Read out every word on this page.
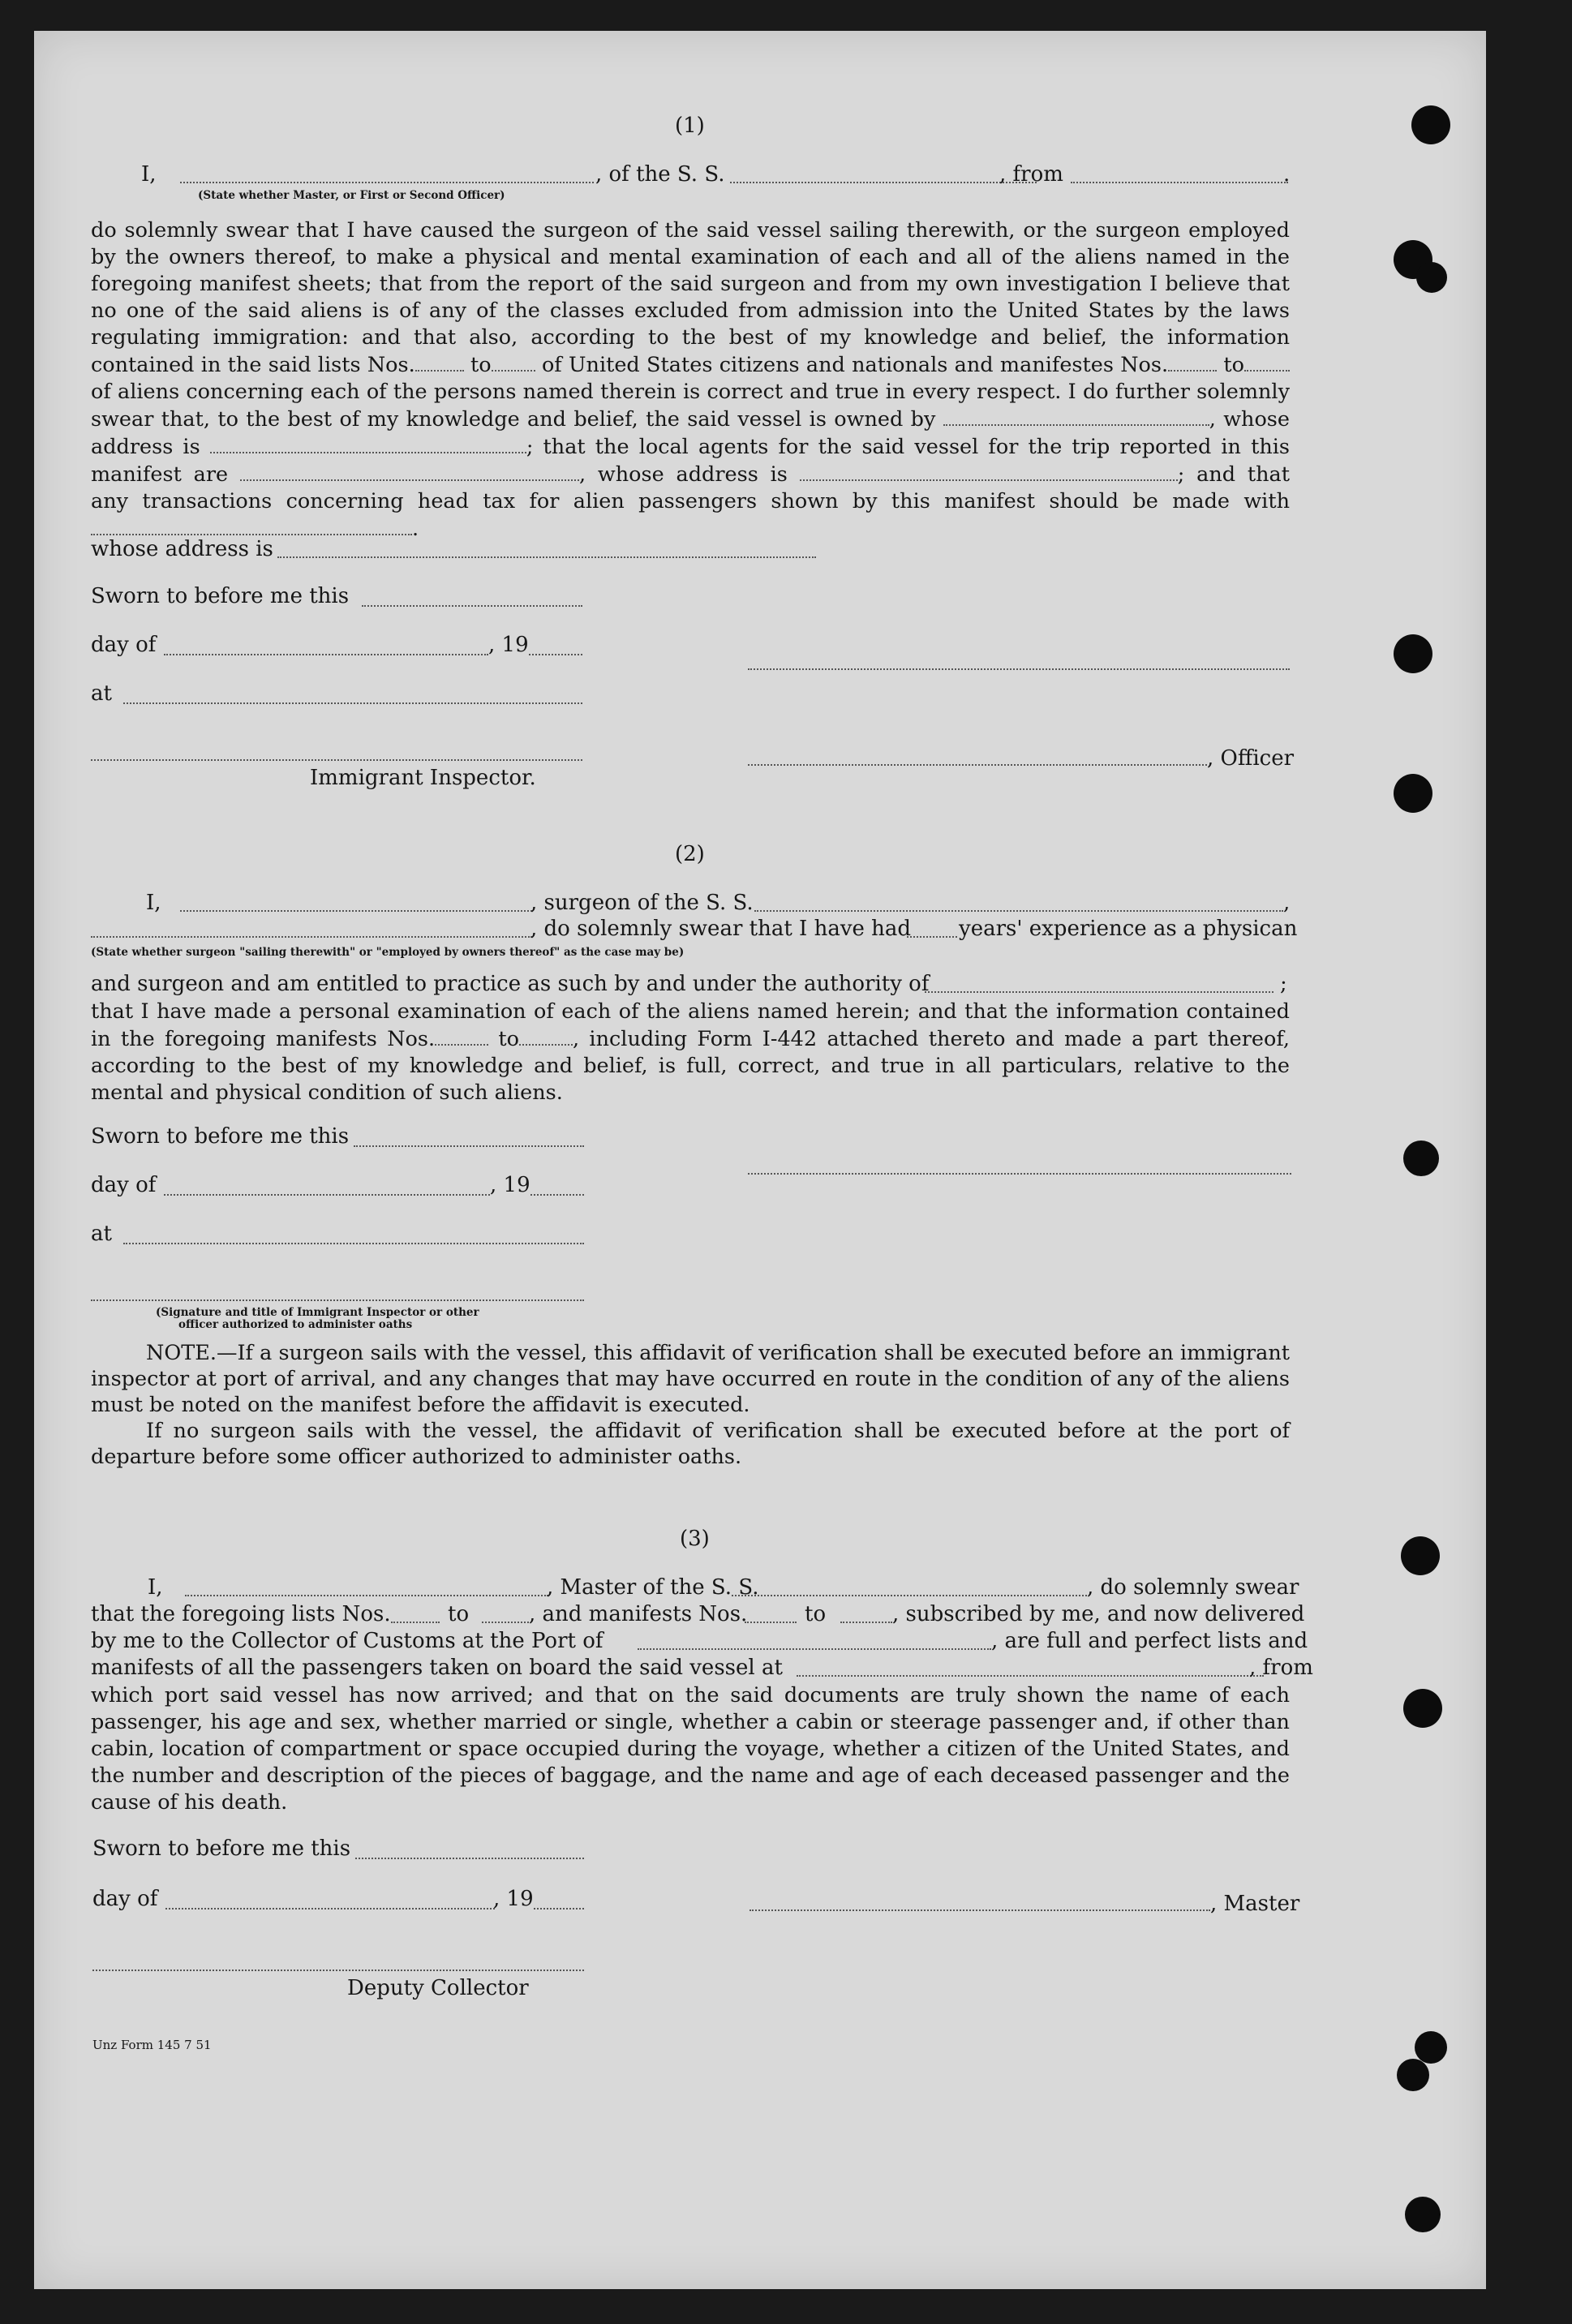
(1)
I,	, of the S. S.	, from	.
(State whether Master, or First or Second Officer)

do solemnly swear that I have caused the surgeon of the said vessel sailing therewith, or the surgeon employed by the owners thereof, to make a physical and mental examination of each and all of the aliens named in the foregoing manifest sheets; that from the report of the said surgeon and from my own investigation I believe that no one of the said aliens is of any of the classes excluded from admission into the United States by the laws regulating immigration: and that also, according to the best of my knowledge and belief, the information contained in the said lists Nos.	to of United States citizens and nationals and manifestes Nos.	to of aliens concerning each of the persons named therein is correct and true in every respect. I do further solemnly swear that, to the best of my knowledge and belief, the said vessel is owned by	, whose address is	; that the local agents for the said vessel for the trip reported in this manifest are	, whose address is	; and that any transactions concerning head tax for alien passengers shown by this manifest should be made with.

whose address is
Sworn to before me this
day of	, 19
at
, Officer
Immigrant Inspector.
(2)
I,	, surgeon of the S. S.	,
, do solemnly swear that I have had years' experience as a physican
(State whether surgeon "sailing therewith" or "employed by owners thereof" as the case may be)
and surgeon and am entitled to practice as such by and under the authority of	;

that I have made a personal examination of each of the aliens named herein; and that the information contained in the foregoing manifests Nos.	to	, including Form I-442 attached thereto and made a part thereof, according to the best of my knowledge and belief, is full, correct, and true in all particulars, relative to the mental and physical condition of such aliens.

Sworn to before me this
day of	, 19
at
(Signature and title of Immigrant Inspector or other
officer authorized to administer oaths

NOTE.—If a surgeon sails with the vessel, this affidavit of verification shall be executed before an immigrant inspector at port of arrival, and any changes that may have occurred en route in the condition of any of the aliens must be noted on the manifest before the affidavit is executed.

If no surgeon sails with the vessel, the affidavit of verification shall be executed before at the port of departure before some officer authorized to administer oaths.

(3)
I,	, Master of the S. S.	, do solemnly swear
that the foregoing lists Nos.	to	, and manifests Nos.	to	, subscribed by me, and now delivered
by me to the Collector of Customs at the Port of	, are full and perfect lists and
manifests of all the passengers taken on board the said vessel at	, from

which port said vessel has now arrived; and that on the said documents are truly shown the name of each passenger, his age and sex, whether married or single, whether a cabin or steerage passenger and, if other than cabin, location of compartment or space occupied during the voyage, whether a citizen of the United States, and the number and description of the pieces of baggage, and the name and age of each deceased passenger and the cause of his death.

Sworn to before me this
day of	, 19	, Master
Deputy Collector
Unz Form 145 7 51
